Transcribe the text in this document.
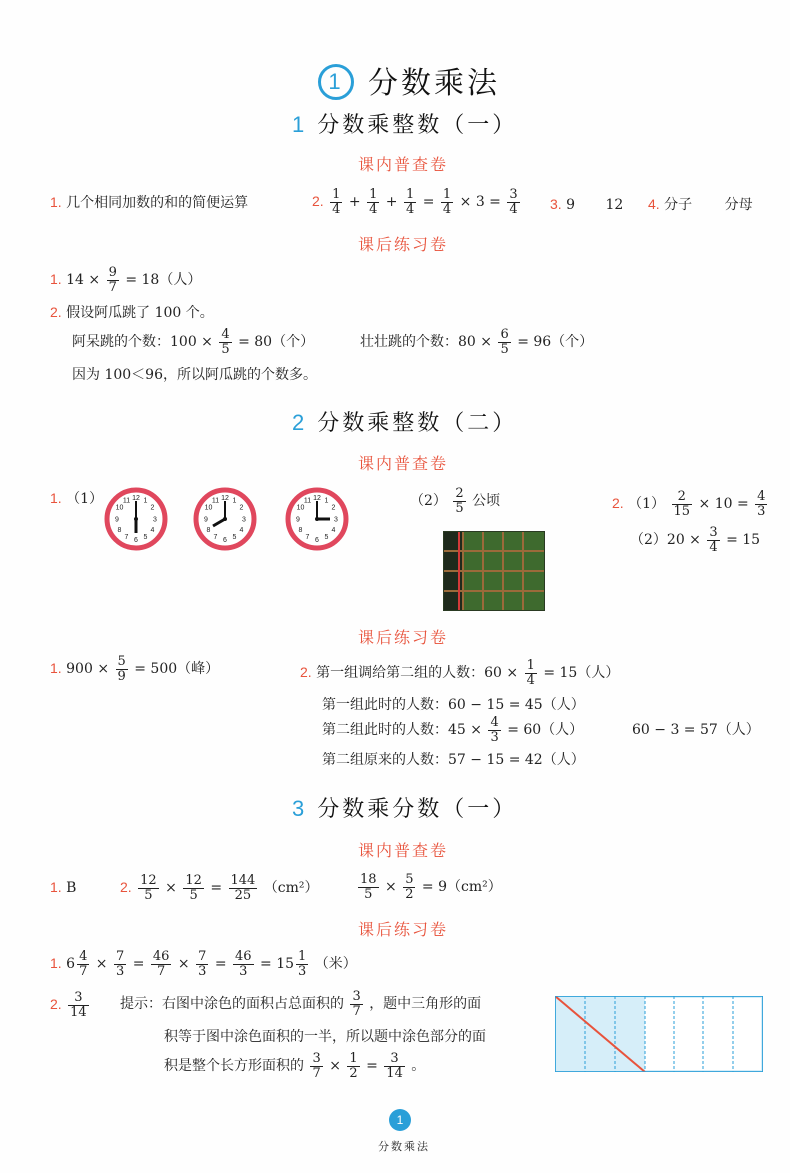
1 分数乘法
1 分数乘整数（一）
课内普查卷
1. 几个相同加数的和的简便运算	2. $\frac{1}{4} + \frac{1}{4} + \frac{1}{4} = \frac{1}{4} \times 3 = \frac{3}{4} 3$. 9 12 4. 分子 分母
课后练习卷
1. $14 \times \frac{9}{7} = 18$（人）
2. 假设阿瓜跳了 100 个。
阿呆跳的个数：$100 \times \frac{4}{5} = 80$（个）	壮壮跳的个数：$80 \times \frac{6}{5} = 96$（个）
因为 100＜96，所以阿瓜跳的个数多。
2 分数乘整数（二）
课内普查卷
1. （1）	12 1
2
3
4
5
6
7
8
9
10
11	12 1
2
3
4
5
6
7
8
9
10
11	12 1
2
3
4
5
6
7
8
9
10
11	$(2) \frac{2}{5}$ 公顷	2. $(1) \frac{2}{15} \times 10 = \frac{4}{3}$
$(2)20 \times \frac{3}{4} = 15$
课后练习卷
1. $900 \times \frac{5}{9} = 500$（峰）	2. 第一组调给第二组的人数：$60 \times \frac{1}{4} = 15$（人）
第一组此时的人数：60 − 15 = 45（人）
第二组此时的人数：$45 \times \frac{4}{3} = 60$（人）	60 − 3 = 57（人）
第二组原来的人数：57 − 15 = 42（人）
3 分数乘分数（一）
课内普查卷
1. B	2. $\frac{12}{5} \times \frac{12}{5} = \frac{144}{25} (cm^2)$	$\frac{18}{5} \times \frac{5}{2} = 9(cm^2)$
课后练习卷
1. $6 \frac{4}{7} \times \frac{7}{3} = \frac{46}{7} \times \frac{7}{3} = \frac{46}{3} = 15 \frac{1}{3}$ （米）
2. $\frac{3}{14}$ 提示：右图中涂色的面积占总面积的 $\frac{3}{7}$ ，题中三角形的面
积等于图中涂色面积的一半，所以题中涂色部分的面
积是整个长方形面积的 $\frac{3}{7} \times \frac{1}{2} = \frac{3}{14}$ 。
1
分数乘法
